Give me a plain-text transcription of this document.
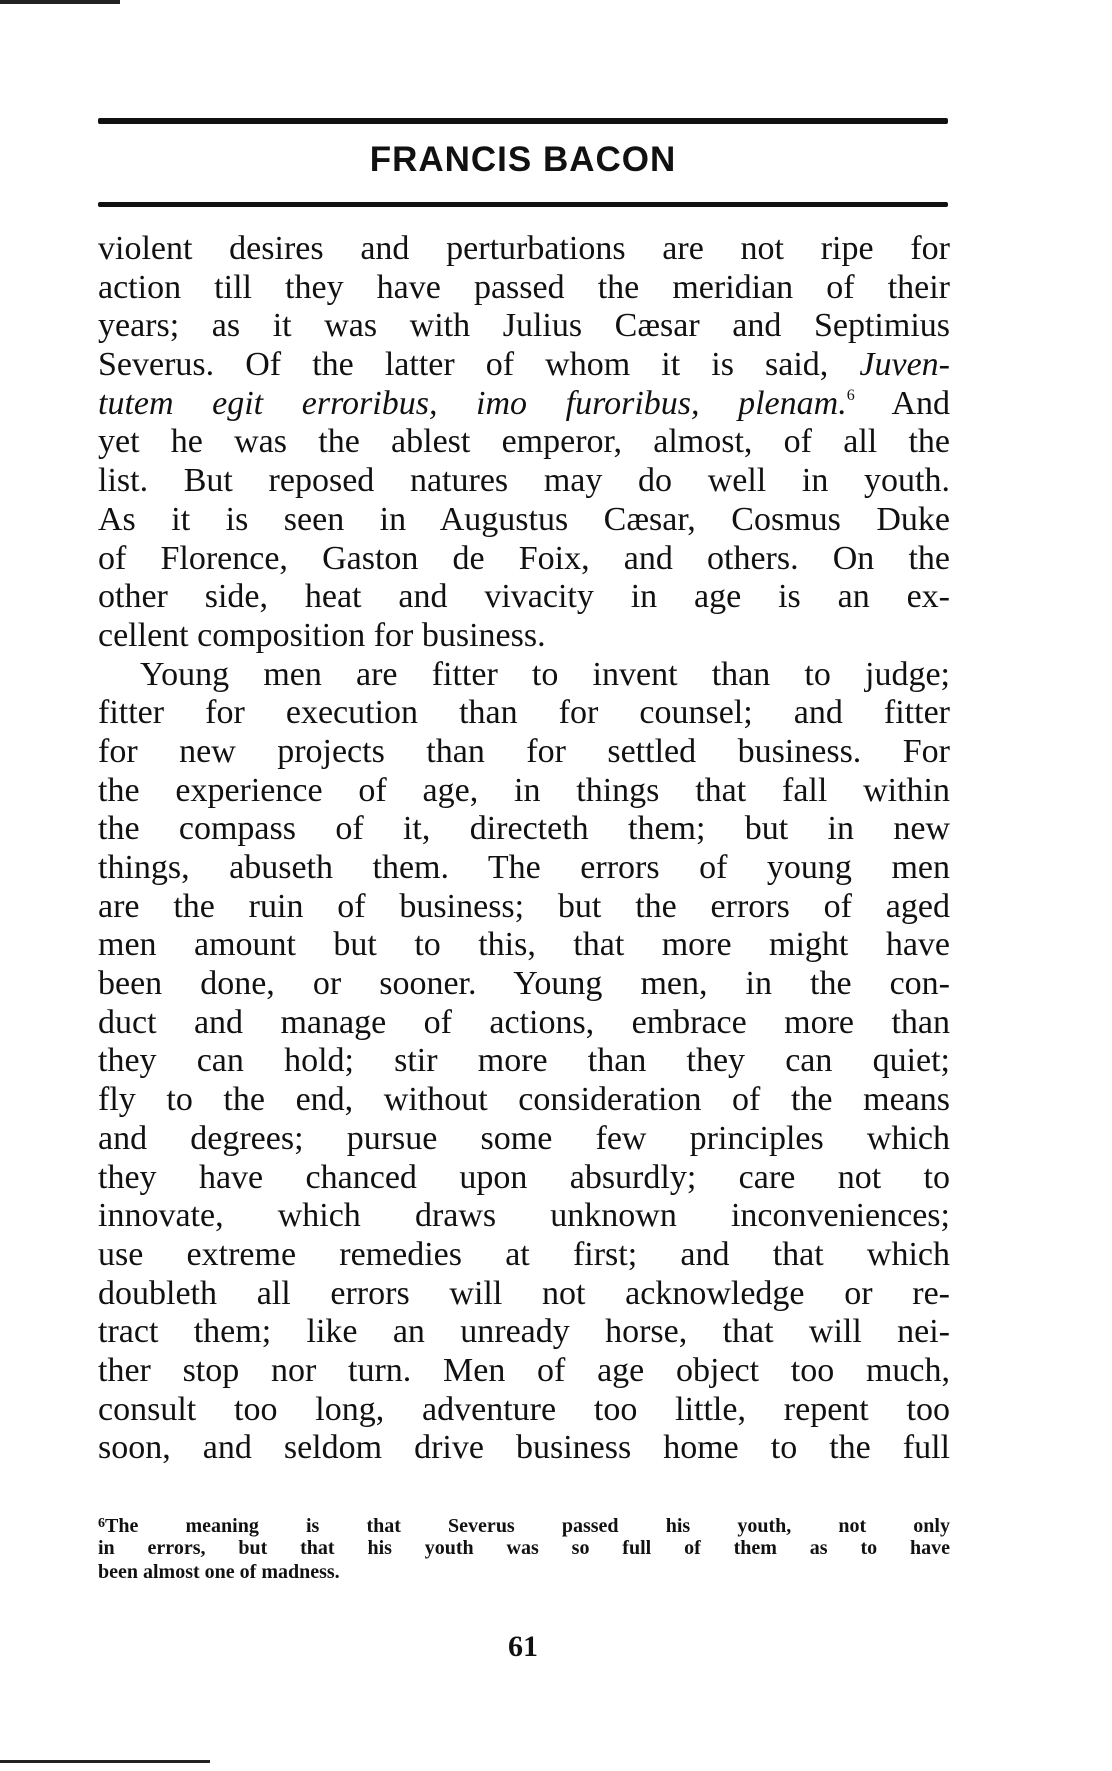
FRANCIS BACON
violent desires and perturbations are not ripe for
action till they have passed the meridian of their
years; as it was with Julius Cæsar and Septimius
Severus. Of the latter of whom it is said, Juven-
tutem egit erroribus, imo furoribus, plenam.$^6$ And
yet he was the ablest emperor, almost, of all the
list. But reposed natures may do well in youth.
As it is seen in Augustus Cæsar, Cosmus Duke
of Florence, Gaston de Foix, and others. On the
other side, heat and vivacity in age is an ex-
cellent composition for business.
Young men are fitter to invent than to judge;
fitter for execution than for counsel; and fitter
for new projects than for settled business. For
the experience of age, in things that fall within
the compass of it, directeth them; but in new
things, abuseth them. The errors of young men
are the ruin of business; but the errors of aged
men amount but to this, that more might have
been done, or sooner. Young men, in the con-
duct and manage of actions, embrace more than
they can hold; stir more than they can quiet;
fly to the end, without consideration of the means
and degrees; pursue some few principles which
they have chanced upon absurdly; care not to
innovate, which draws unknown inconveniences;
use extreme remedies at first; and that which
doubleth all errors will not acknowledge or re-
tract them; like an unready horse, that will nei-
ther stop nor turn. Men of age object too much,
consult too long, adventure too little, repent too
soon, and seldom drive business home to the full
$^6$The meaning is that Severus passed his youth, not only
in errors, but that his youth was so full of them as to have
been almost one of madness.
61
